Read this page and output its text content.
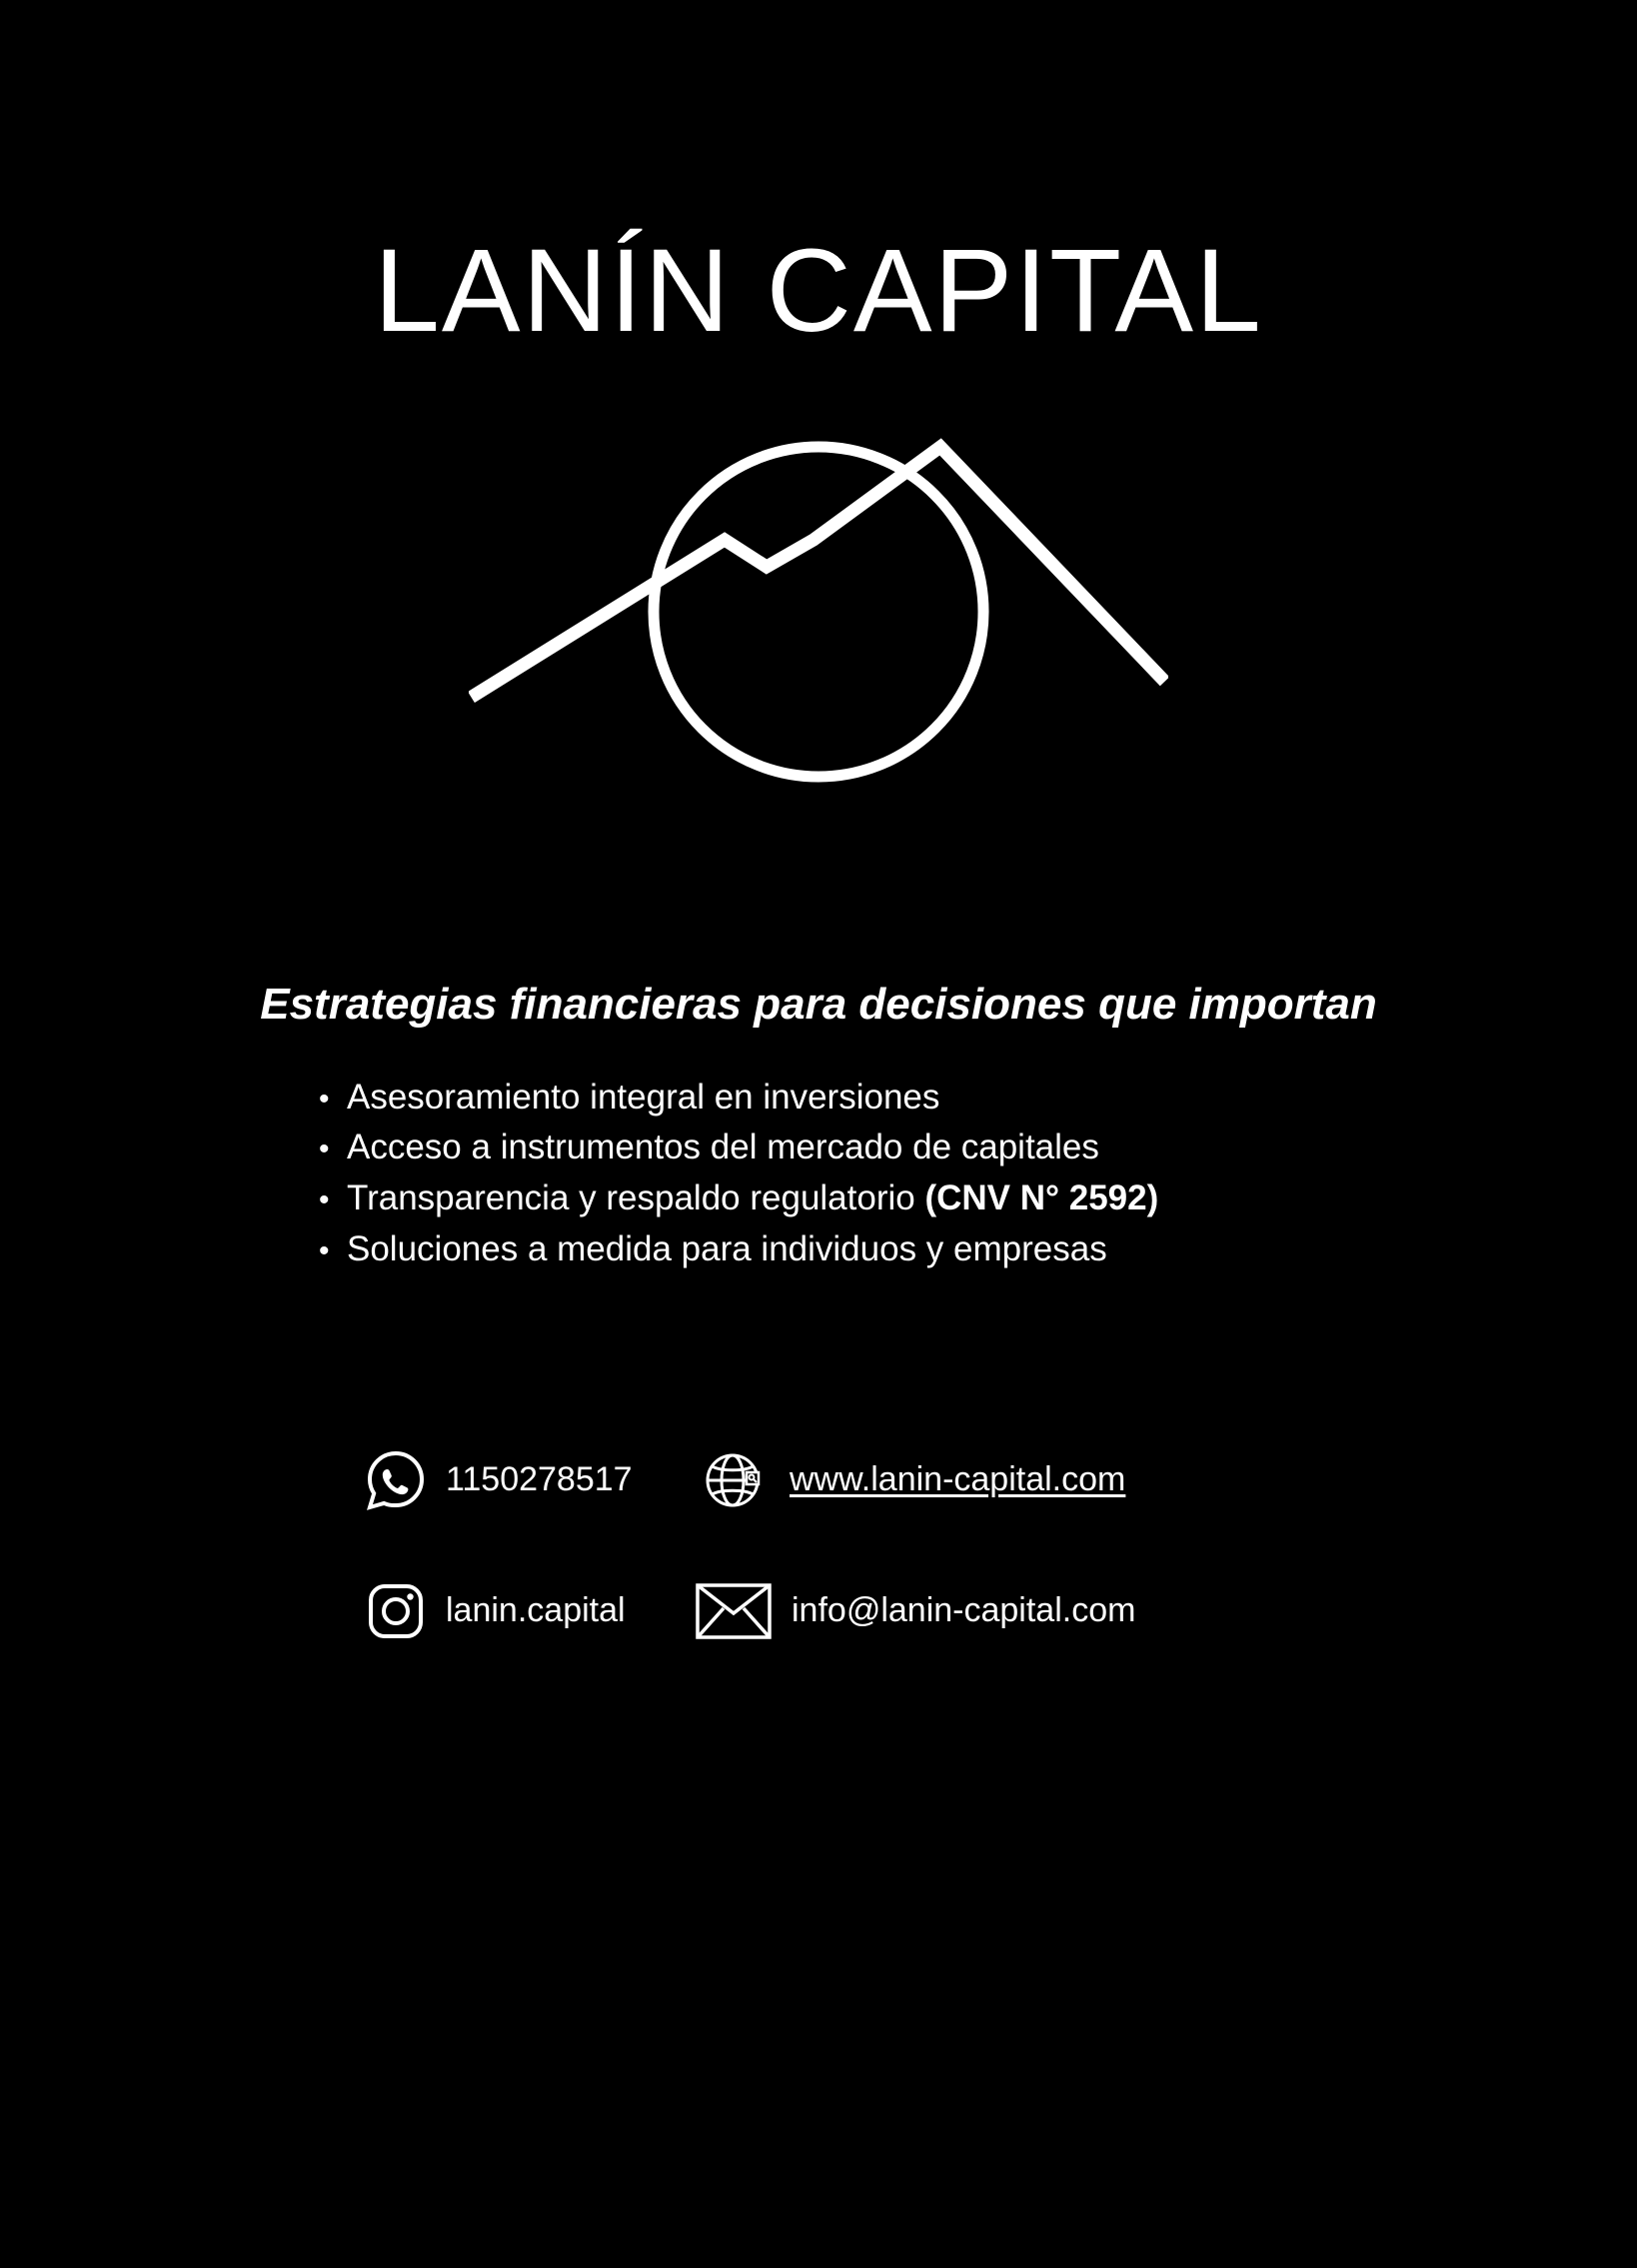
LANÍN CAPITAL
Estrategias financieras para decisiones que importan
•Asesoramiento integral en inversiones
•Acceso a instrumentos del mercado de capitales
•Transparencia y respaldo regulatorio (CNV N° 2592)
•Soluciones a medida para individuos y empresas
1150278517	www.lanin-capital.com
lanin.capital	info@lanin-capital.com
